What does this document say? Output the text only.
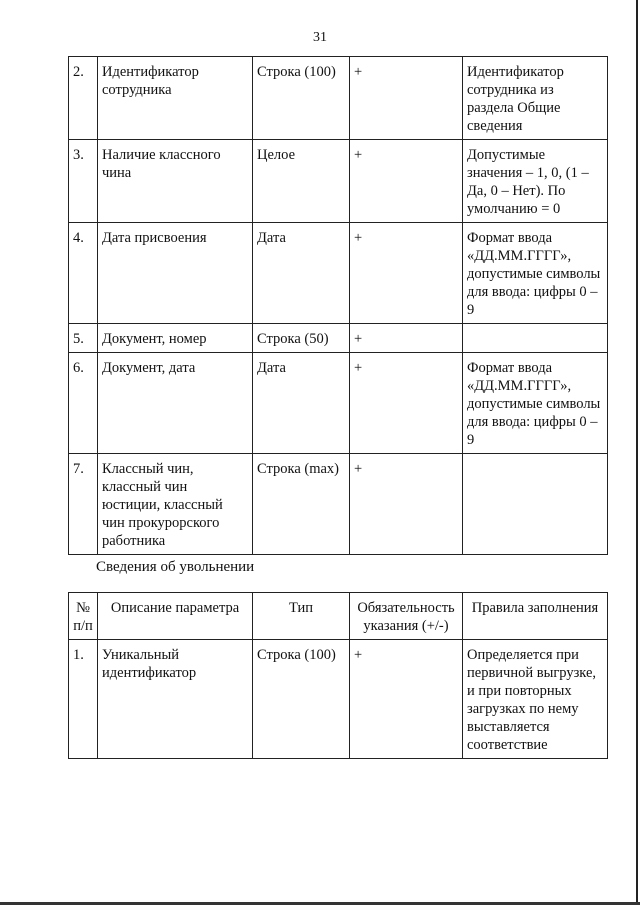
31
2.	Идентификатор сотрудника	Строка (100)	+	Идентификатор сотрудника из раздела Общие сведения
3.	Наличие классного чина	Целое	+	Допустимые значения – 1, 0, (1 – Да, 0 – Нет). По умолчанию = 0
4.	Дата присвоения	Дата	+	Формат ввода «ДД.ММ.ГГГГ», допустимые символы для ввода: цифры 0 – 9
5.	Документ, номер	Строка (50)	+	
6.	Документ, дата	Дата	+	Формат ввода «ДД.ММ.ГГГГ», допустимые символы для ввода: цифры 0 – 9
7.	Классный чин, классный чин юстиции, классный чин прокурорского работника	Строка (max)	+	
Сведения об увольнении
№ п/п	Описание параметра	Тип	Обязательность указания (+/-)	Правила заполнения
1.	Уникальный идентификатор	Строка (100)	+	Определяется при первичной выгрузке, и при повторных загрузках по нему выставляется соответствие
